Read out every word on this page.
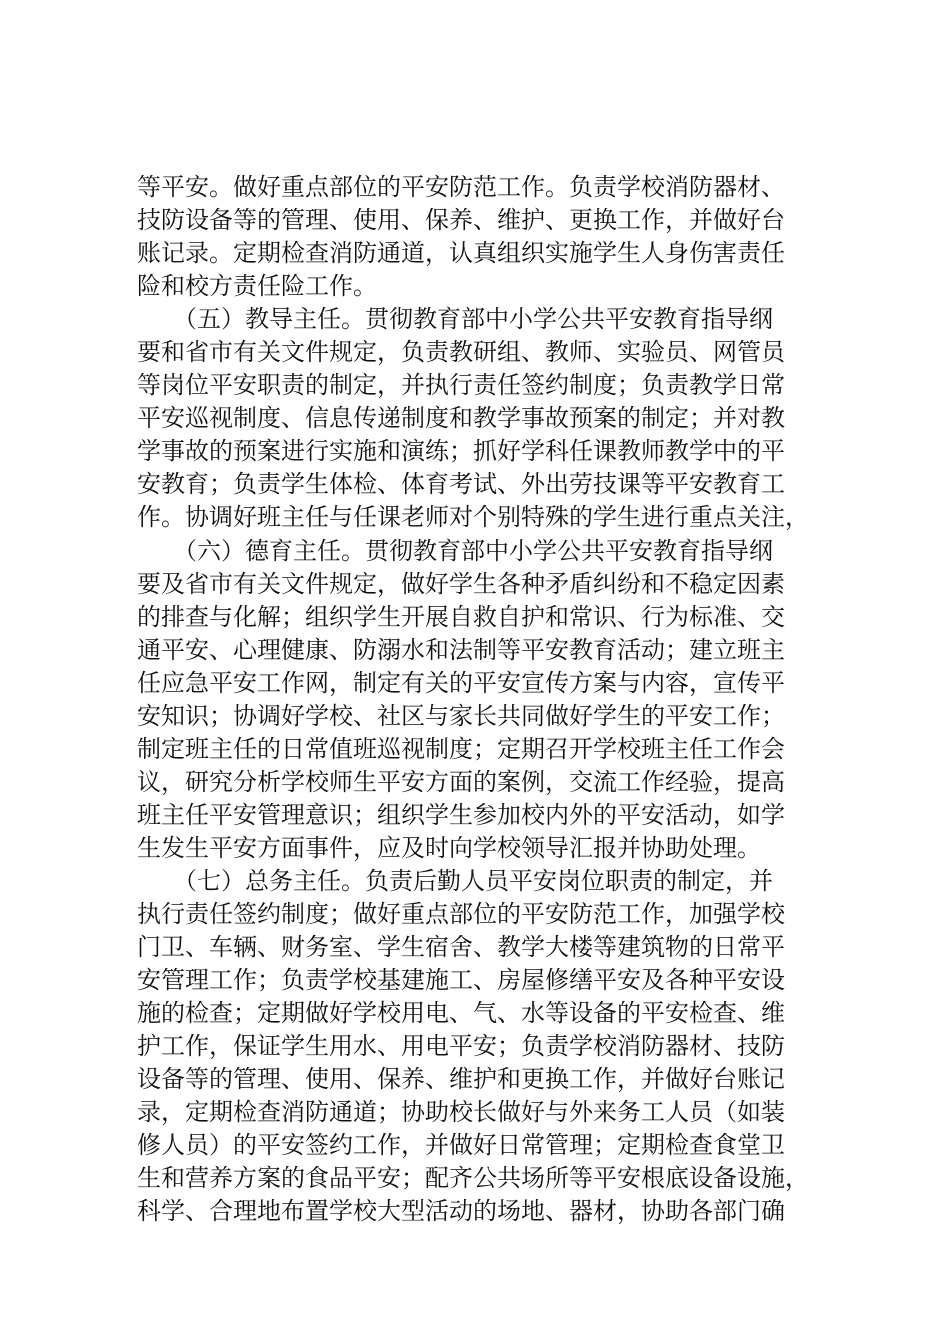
等平安。做好重点部位的平安防范工作。负责学校消防器材、
技防设备等的管理、使用、保养、维护、更换工作，并做好台
账记录。定期检查消防通道，认真组织实施学生人身伤害责任
险和校方责任险工作。
　　（五）教导主任。贯彻教育部中小学公共平安教育指导纲
要和省市有关文件规定，负责教研组、教师、实验员、网管员
等岗位平安职责的制定，并执行责任签约制度；负责教学日常
平安巡视制度、信息传递制度和教学事故预案的制定；并对教
学事故的预案进行实施和演练；抓好学科任课教师教学中的平
安教育；负责学生体检、体育考试、外出劳技课等平安教育工
作。协调好班主任与任课老师对个别特殊的学生进行重点关注，
　　（六）德育主任。贯彻教育部中小学公共平安教育指导纲
要及省市有关文件规定，做好学生各种矛盾纠纷和不稳定因素
的排查与化解；组织学生开展自救自护和常识、行为标准、交
通平安、心理健康、防溺水和法制等平安教育活动；建立班主
任应急平安工作网，制定有关的平安宣传方案与内容，宣传平
安知识；协调好学校、社区与家长共同做好学生的平安工作；
制定班主任的日常值班巡视制度；定期召开学校班主任工作会
议，研究分析学校师生平安方面的案例，交流工作经验，提高
班主任平安管理意识；组织学生参加校内外的平安活动，如学
生发生平安方面事件，应及时向学校领导汇报并协助处理。
　　（七）总务主任。负责后勤人员平安岗位职责的制定，并
执行责任签约制度；做好重点部位的平安防范工作，加强学校
门卫、车辆、财务室、学生宿舍、教学大楼等建筑物的日常平
安管理工作；负责学校基建施工、房屋修缮平安及各种平安设
施的检查；定期做好学校用电、气、水等设备的平安检查、维
护工作，保证学生用水、用电平安；负责学校消防器材、技防
设备等的管理、使用、保养、维护和更换工作，并做好台账记
录，定期检查消防通道；协助校长做好与外来务工人员（如装
修人员）的平安签约工作，并做好日常管理；定期检查食堂卫
生和营养方案的食品平安；配齐公共场所等平安根底设备设施，
科学、合理地布置学校大型活动的场地、器材，协助各部门确
